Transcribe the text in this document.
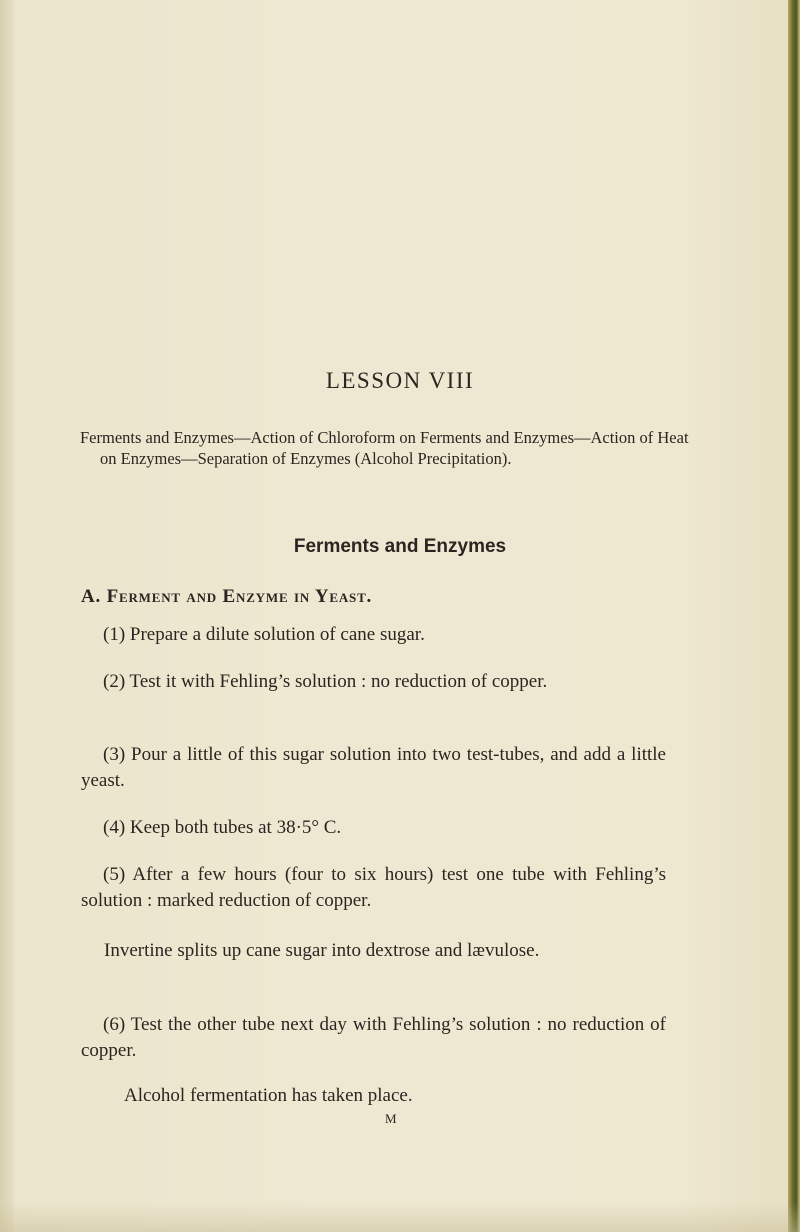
LESSON VIII

Ferments and Enzymes—Action of Chloroform on Ferments and Enzymes—Action of Heat on Enzymes—Separation of Enzymes (Alcohol Precipitation).

Ferments and Enzymes
A. Ferment and Enzyme in Yeast.

(1) Prepare a dilute solution of cane sugar.

(2) Test it with Fehling’s solution : no reduction of copper.

(3) Pour a little of this sugar solution into two test-tubes, and add a little yeast.

(4) Keep both tubes at 38·5° C.

(5) After a few hours (four to six hours) test one tube with Fehling’s solution : marked reduction of copper.

Invertine splits up cane sugar into dextrose and lævulose.

(6) Test the other tube next day with Fehling’s solution : no reduction of copper.

Alcohol fermentation has taken place.

M
